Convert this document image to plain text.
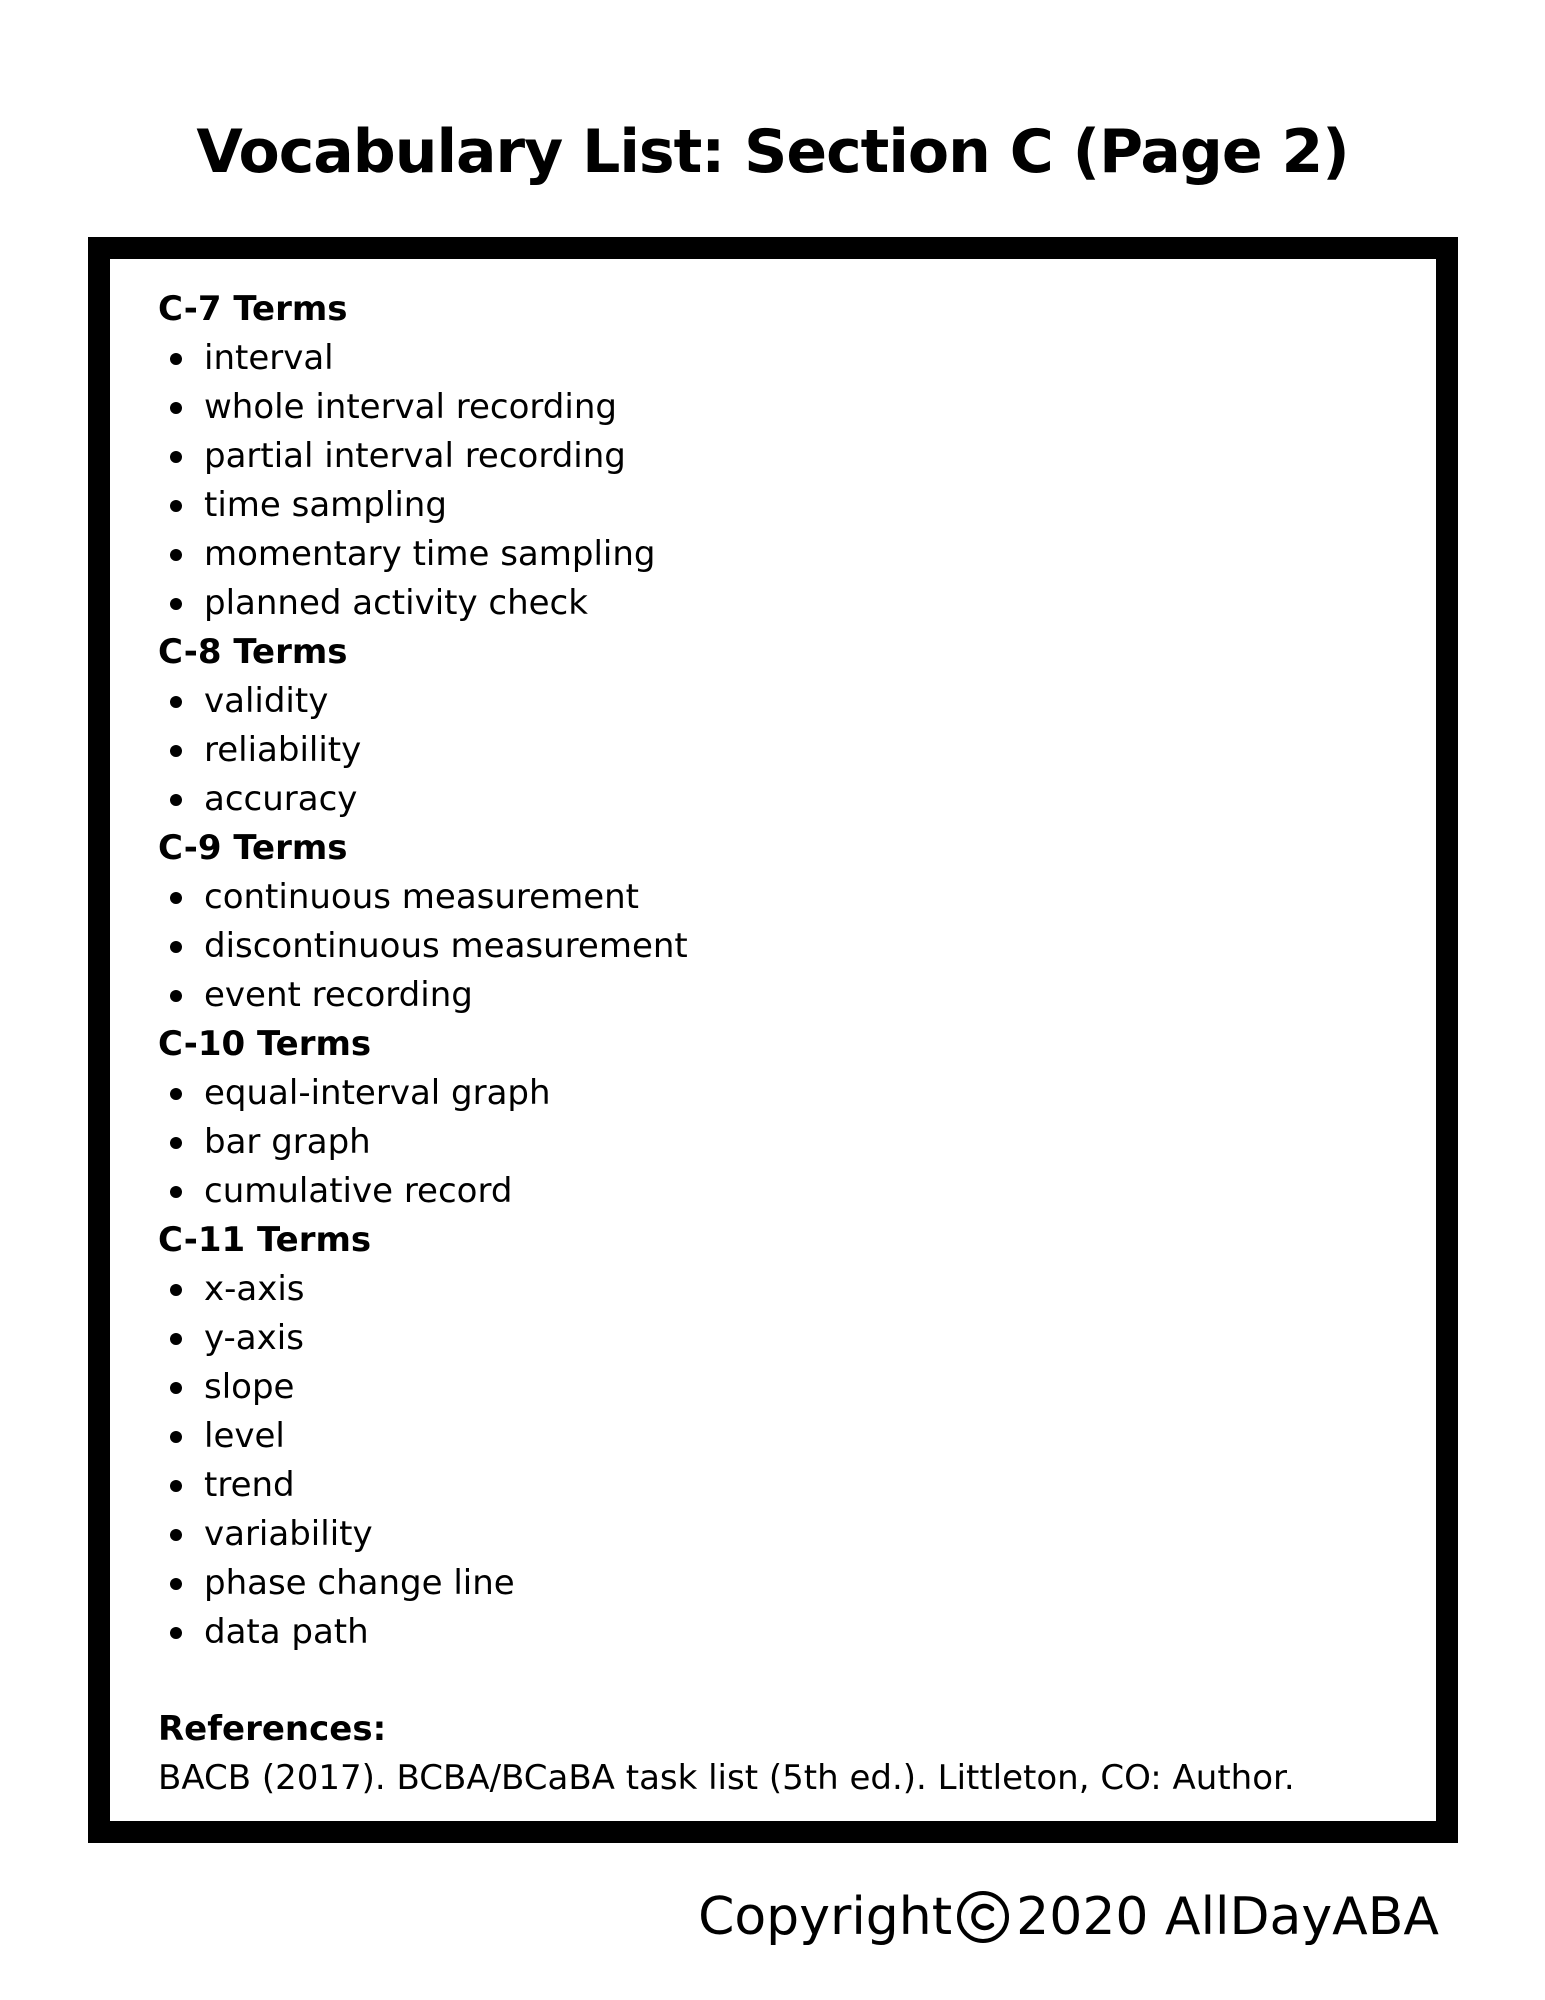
Vocabulary List: Section C (Page 2)

C-7 Terms

interval
whole interval recording
partial interval recording
time sampling
momentary time sampling
planned activity check

C-8 Terms

validity
reliability
accuracy

C-9 Terms

continuous measurement
discontinuous measurement
event recording

C-10 Terms

equal-interval graph
bar graph
cumulative record

C-11 Terms

x-axis
y-axis
slope
level
trend
variability
phase change line
data path

References:

BACB (2017). BCBA/BCaBA task list (5th ed.). Littleton, CO: Author.

Copyright 2020 AllDayABA
